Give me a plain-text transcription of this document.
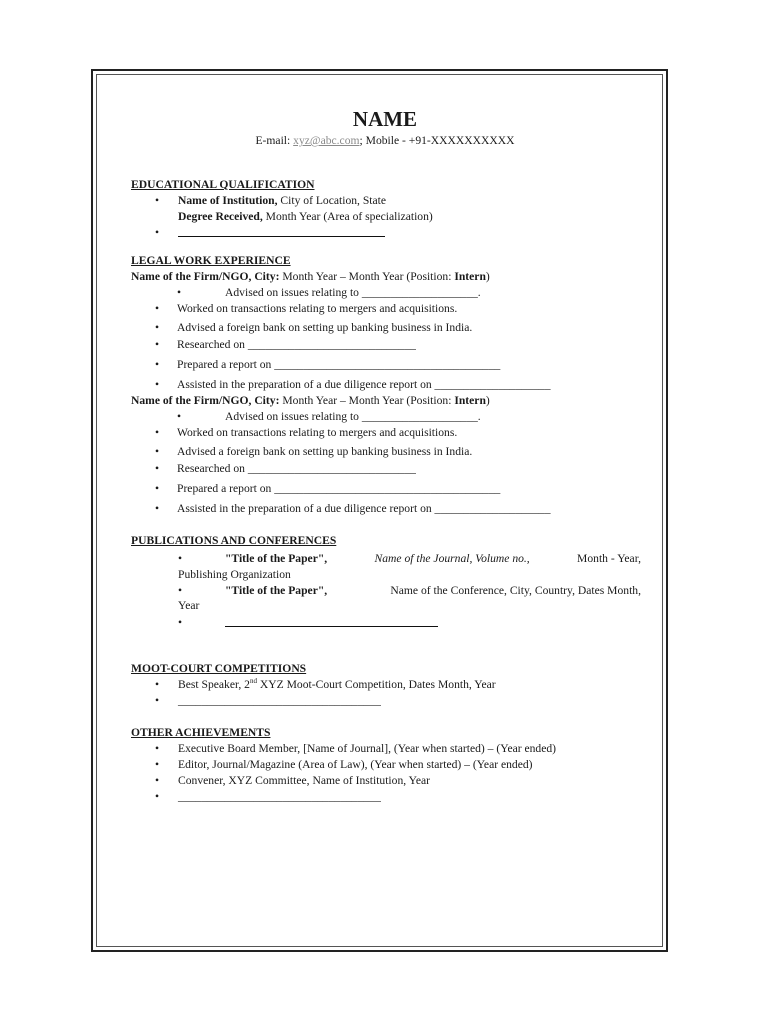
NAME
E-mail: xyz@abc.com; Mobile - +91-XXXXXXXXXX
EDUCATIONAL QUALIFICATION
• Name of Institution, City of Location, State
Degree Received, Month Year (Area of specialization)
•
LEGAL WORK EXPERIENCE
Name of the Firm/NGO, City: Month Year – Month Year (Position: Intern)
•	Advised on issues relating to ____________________.
• Worked on transactions relating to mergers and acquisitions.
• Advised a foreign bank on setting up banking business in India.
• Researched on _____________________________
• Prepared a report on _______________________________________
• Assisted in the preparation of a due diligence report on ____________________
Name of the Firm/NGO, City: Month Year – Month Year (Position: Intern)
•	Advised on issues relating to ____________________.
• Worked on transactions relating to mergers and acquisitions.
• Advised a foreign bank on setting up banking business in India.
• Researched on _____________________________
• Prepared a report on _______________________________________
• Assisted in the preparation of a due diligence report on ____________________
PUBLICATIONS AND CONFERENCES
•	"Title of the Paper",	Name of the Journal, Volume no.,	Month - Year,
Publishing Organization
•	"Title of the Paper",	Name of the Conference, City, Country, Dates Month,
Year
•
MOOT-COURT COMPETITIONS
• Best Speaker, 2nd XYZ Moot-Court Competition, Dates Month, Year
• ___________________________________
OTHER ACHIEVEMENTS
• Executive Board Member, [Name of Journal], (Year when started) – (Year ended)
• Editor, Journal/Magazine (Area of Law), (Year when started) – (Year ended)
• Convener, XYZ Committee, Name of Institution, Year
• ___________________________________
